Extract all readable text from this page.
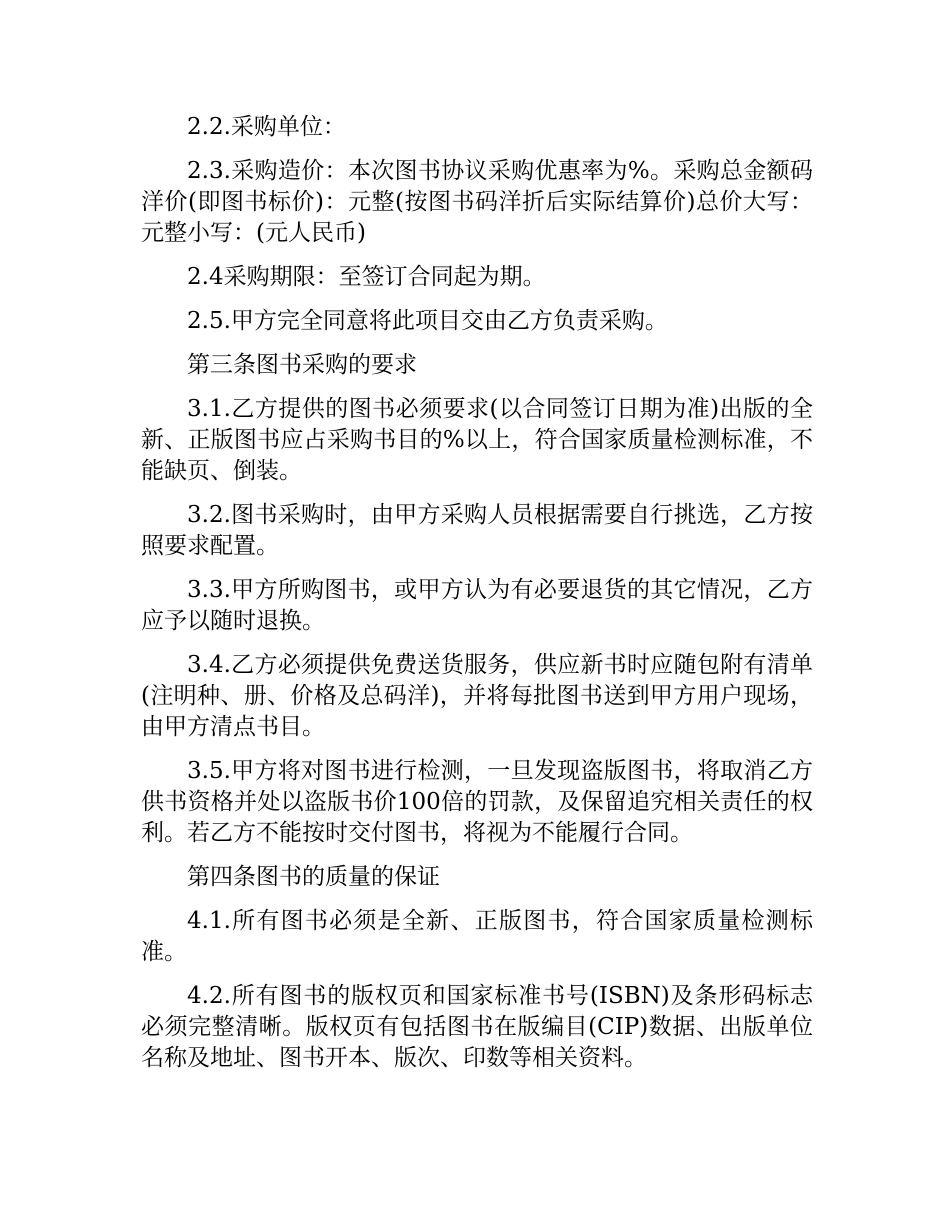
2.2.采购单位：

2.3.采购造价：本次图书协议采购优惠率为%。采购总金额码洋价(即图书标价)：元整(按图书码洋折后实际结算价)总价大写：元整小写：(元人民币)

2.4采购期限：至签订合同起为期。

2.5.甲方完全同意将此项目交由乙方负责采购。

第三条图书采购的要求

3.1.乙方提供的图书必须要求(以合同签订日期为准)出版的全新、正版图书应占采购书目的%以上，符合国家质量检测标准，不能缺页、倒装。

3.2.图书采购时，由甲方采购人员根据需要自行挑选，乙方按照要求配置。

3.3.甲方所购图书，或甲方认为有必要退货的其它情况，乙方应予以随时退换。

3.4.乙方必须提供免费送货服务，供应新书时应随包附有清单(注明种、册、价格及总码洋)，并将每批图书送到甲方用户现场，由甲方清点书目。

3.5.甲方将对图书进行检测，一旦发现盗版图书，将取消乙方供书资格并处以盗版书价100倍的罚款，及保留追究相关责任的权利。若乙方不能按时交付图书，将视为不能履行合同。

第四条图书的质量的保证

4.1.所有图书必须是全新、正版图书，符合国家质量检测标准。

4.2.所有图书的版权页和国家标准书号(ISBN)及条形码标志必须完整清晰。版权页有包括图书在版编目(CIP)数据、出版单位名称及地址、图书开本、版次、印数等相关资料。
